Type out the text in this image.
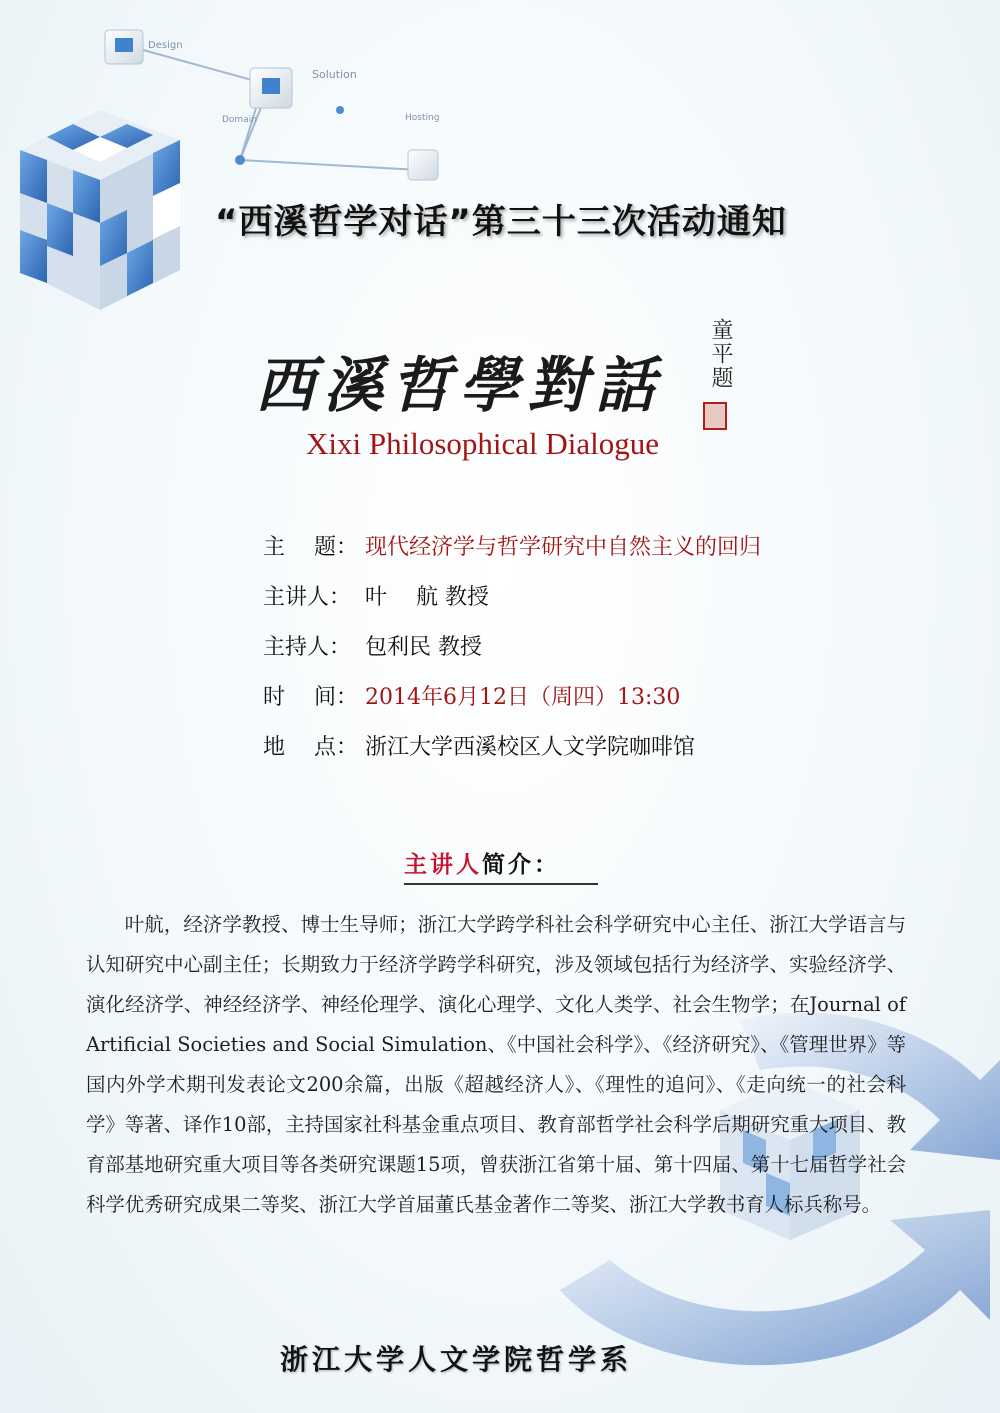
Design
Solution
Domain	Hosting
“西溪哲学对话”第三十三次活动通知
西溪哲學對話	童平题
Xixi Philosophical Dialogue
主　 题： 现代经济学与哲学研究中自然主义的回归
主讲人： 叶　 航 教授
主持人： 包利民 教授
时　 间： 2014年6月12日（周四）13:30
地　 点： 浙江大学西溪校区人文学院咖啡馆
主讲人简介：
叶航，经济学教授、博士生导师；浙江大学跨学科社会科学研究中心主任、浙江大学语言与认知研究中心副主任；长期致力于经济学跨学科研究，涉及领域包括行为经济学、实验经济学、演化经济学、神经经济学、神经伦理学、演化心理学、文化人类学、社会生物学；在Journal of Artificial Societies and Social Simulation、《中国社会科学》、《经济研究》、《管理世界》等国内外学术期刊发表论文200余篇，出版《超越经济人》、《理性的追问》、《走向统一的社会科学》等著、译作10部，主持国家社科基金重点项目、教育部哲学社会科学后期研究重大项目、教育部基地研究重大项目等各类研究课题15项，曾获浙江省第十届、第十四届、第十七届哲学社会科学优秀研究成果二等奖、浙江大学首届董氏基金著作二等奖、浙江大学教书育人标兵称号。
浙江大学人文学院哲学系
